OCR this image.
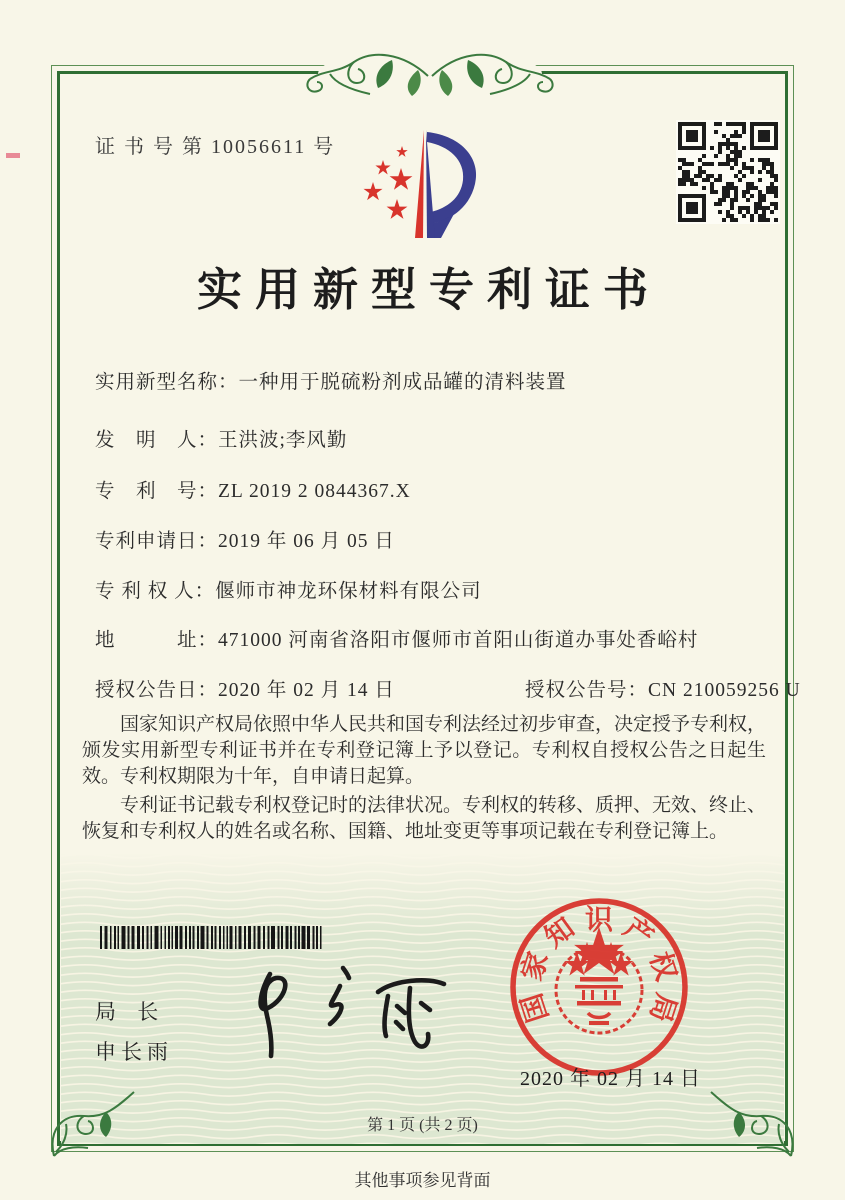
证 书 号 第 10056611 号
实用新型专利证书
实用新型名称：一种用于脱硫粉剂成品罐的清料装置
发　明　人：王洪波;李风勤
专　利　号：ZL 2019 2 0844367.X
专利申请日：2019 年 06 月 05 日
专 利 权 人：偃师市神龙环保材料有限公司
地　　　址：471000 河南省洛阳市偃师市首阳山街道办事处香峪村
授权公告日：2020 年 02 月 14 日	授权公告号：CN 210059256 U

国家知识产权局依照中华人民共和国专利法经过初步审查，决定授予专利权，颁发实用新型专利证书并在专利登记簿上予以登记。专利权自授权公告之日起生效。专利权期限为十年，自申请日起算。

专利证书记载专利权登记时的法律状况。专利权的转移、质押、无效、终止、恢复和专利权人的姓名或名称、国籍、地址变更等事项记载在专利登记簿上。

局 长
申长雨
国
家
知 识 产
权
局
2020 年 02 月 14 日
第 1 页 (共 2 页)
其他事项参见背面
